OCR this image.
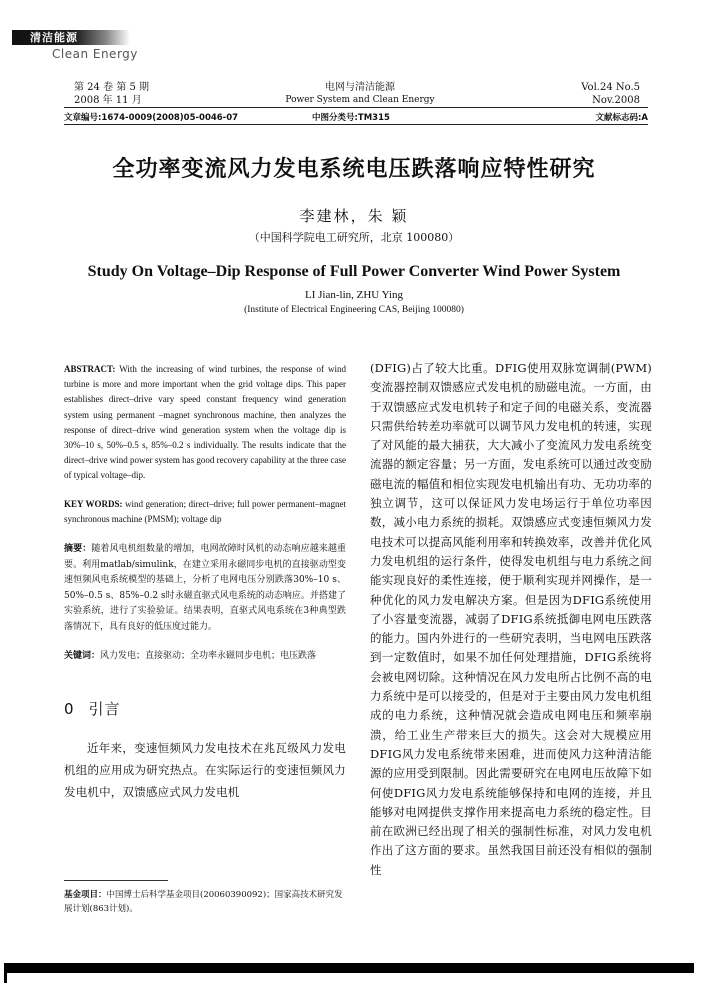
清洁能源
Clean Energy
第 24 卷 第 5 期
2008 年 11 月
电网与清洁能源
Power System and Clean Energy
Vol.24 No.5
Nov.2008
文章编号:1674-0009(2008)05-0046-07	中图分类号:TM315	文献标志码:A
全功率变流风力发电系统电压跌落响应特性研究
李建林，朱 颖
（中国科学院电工研究所，北京 100080）
Study On Voltage–Dip Response of Full Power Converter Wind Power System
LI Jian-lin, ZHU Ying
(Institute of Electrical Engineering CAS, Beijing 100080)

ABSTRACT: With the increasing of wind turbines, the response of wind turbine is more and more important when the grid voltage dips. This paper establishes direct–drive vary speed constant frequency wind generation system using permanent –magnet synchronous machine, then analyzes the response of direct–drive wind generation system when the voltage dip is 30%–10 s, 50%–0.5 s, 85%–0.2 s individually. The results indicate that the direct–drive wind power system has good recovery capability at the three case of typical voltage–dip.

KEY WORDS: wind generation; direct–drive; full power permanent–magnet synchronous machine (PMSM); voltage dip

摘要：随着风电机组数量的增加，电网故障时风机的动态响应越来越重要。利用matlab/simulink，在建立采用永磁同步电机的直接驱动型变速恒频风电系统模型的基础上，分析了电网电压分别跌落30%–10 s、50%–0.5 s、85%–0.2 s时永磁直驱式风电系统的动态响应。并搭建了实验系统，进行了实验验证。结果表明，直驱式风电系统在3种典型跌落情况下，具有良好的低压度过能力。

关键词：风力发电；直接驱动；全功率永磁同步电机；电压跌落

0 引言

近年来，变速恒频风力发电技术在兆瓦级风力发电机组的应用成为研究热点。在实际运行的变速恒频风力发电机中，双馈感应式风力发电机

(DFIG)占了较大比重。DFIG使用双脉宽调制(PWM)变流器控制双馈感应式发电机的励磁电流。一方面，由于双馈感应式发电机转子和定子间的电磁关系，变流器只需供给转差功率就可以调节风力发电机的转速，实现了对风能的最大捕获，大大减小了变流风力发电系统变流器的额定容量；另一方面，发电系统可以通过改变励磁电流的幅值和相位实现发电机输出有功、无功功率的独立调节，这可以保证风力发电场运行于单位功率因数，减小电力系统的损耗。双馈感应式变速恒频风力发电技术可以提高风能利用率和转换效率，改善并优化风力发电机组的运行条件，使得发电机组与电力系统之间能实现良好的柔性连接，便于顺利实现并网操作，是一种优化的风力发电解决方案。但是因为DFIG系统使用了小容量变流器，减弱了DFIG系统抵御电网电压跌落的能力。国内外进行的一些研究表明，当电网电压跌落到一定数值时，如果不加任何处理措施，DFIG系统将会被电网切除。这种情况在风力发电所占比例不高的电力系统中是可以接受的，但是对于主要由风力发电机组成的电力系统，这种情况就会造成电网电压和频率崩溃，给工业生产带来巨大的损失。这会对大规模应用DFIG风力发电系统带来困难，进而使风力这种清洁能源的应用受到限制。因此需要研究在电网电压故障下如何使DFIG风力发电系统能够保持和电网的连接，并且能够对电网提供支撑作用来提高电力系统的稳定性。目前在欧洲已经出现了相关的强制性标准，对风力发电机作出了这方面的要求。虽然我国目前还没有相似的强制性
基金项目：中国博士后科学基金项目(20060390092)；国家高技术研究发展计划(863计划)。
